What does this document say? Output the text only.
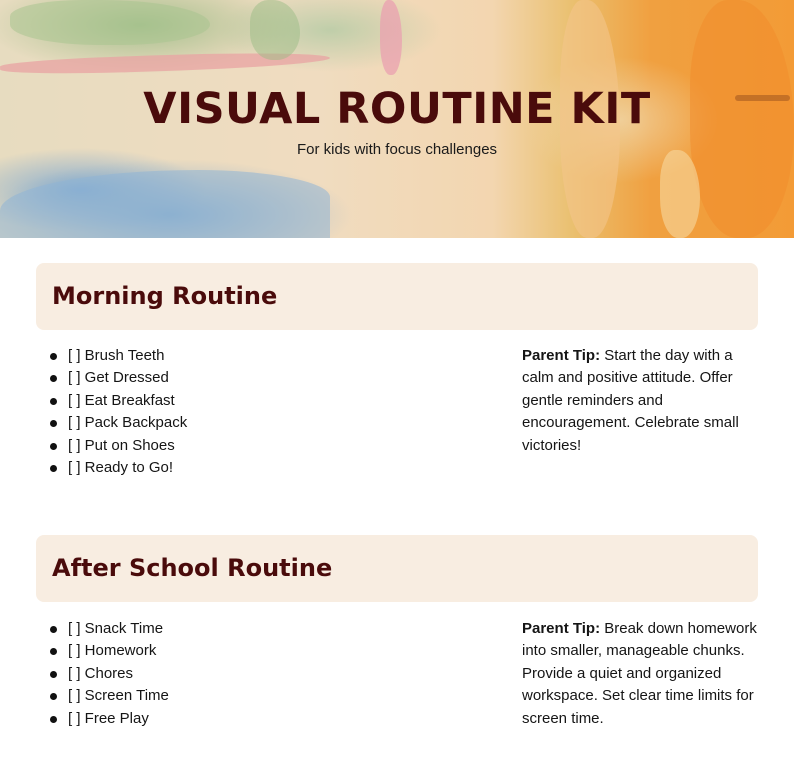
VISUAL ROUTINE KIT
For kids with focus challenges
Morning Routine
[ ] Brush Teeth
[ ] Get Dressed
[ ] Eat Breakfast
[ ] Pack Backpack
[ ] Put on Shoes
[ ] Ready to Go!

Parent Tip: Start the day with a calm and positive attitude. Offer gentle reminders and encouragement. Celebrate small victories!

After School Routine
[ ] Snack Time
[ ] Homework
[ ] Chores
[ ] Screen Time
[ ] Free Play

Parent Tip: Break down homework into smaller, manageable chunks. Provide a quiet and organized workspace. Set clear time limits for screen time.
